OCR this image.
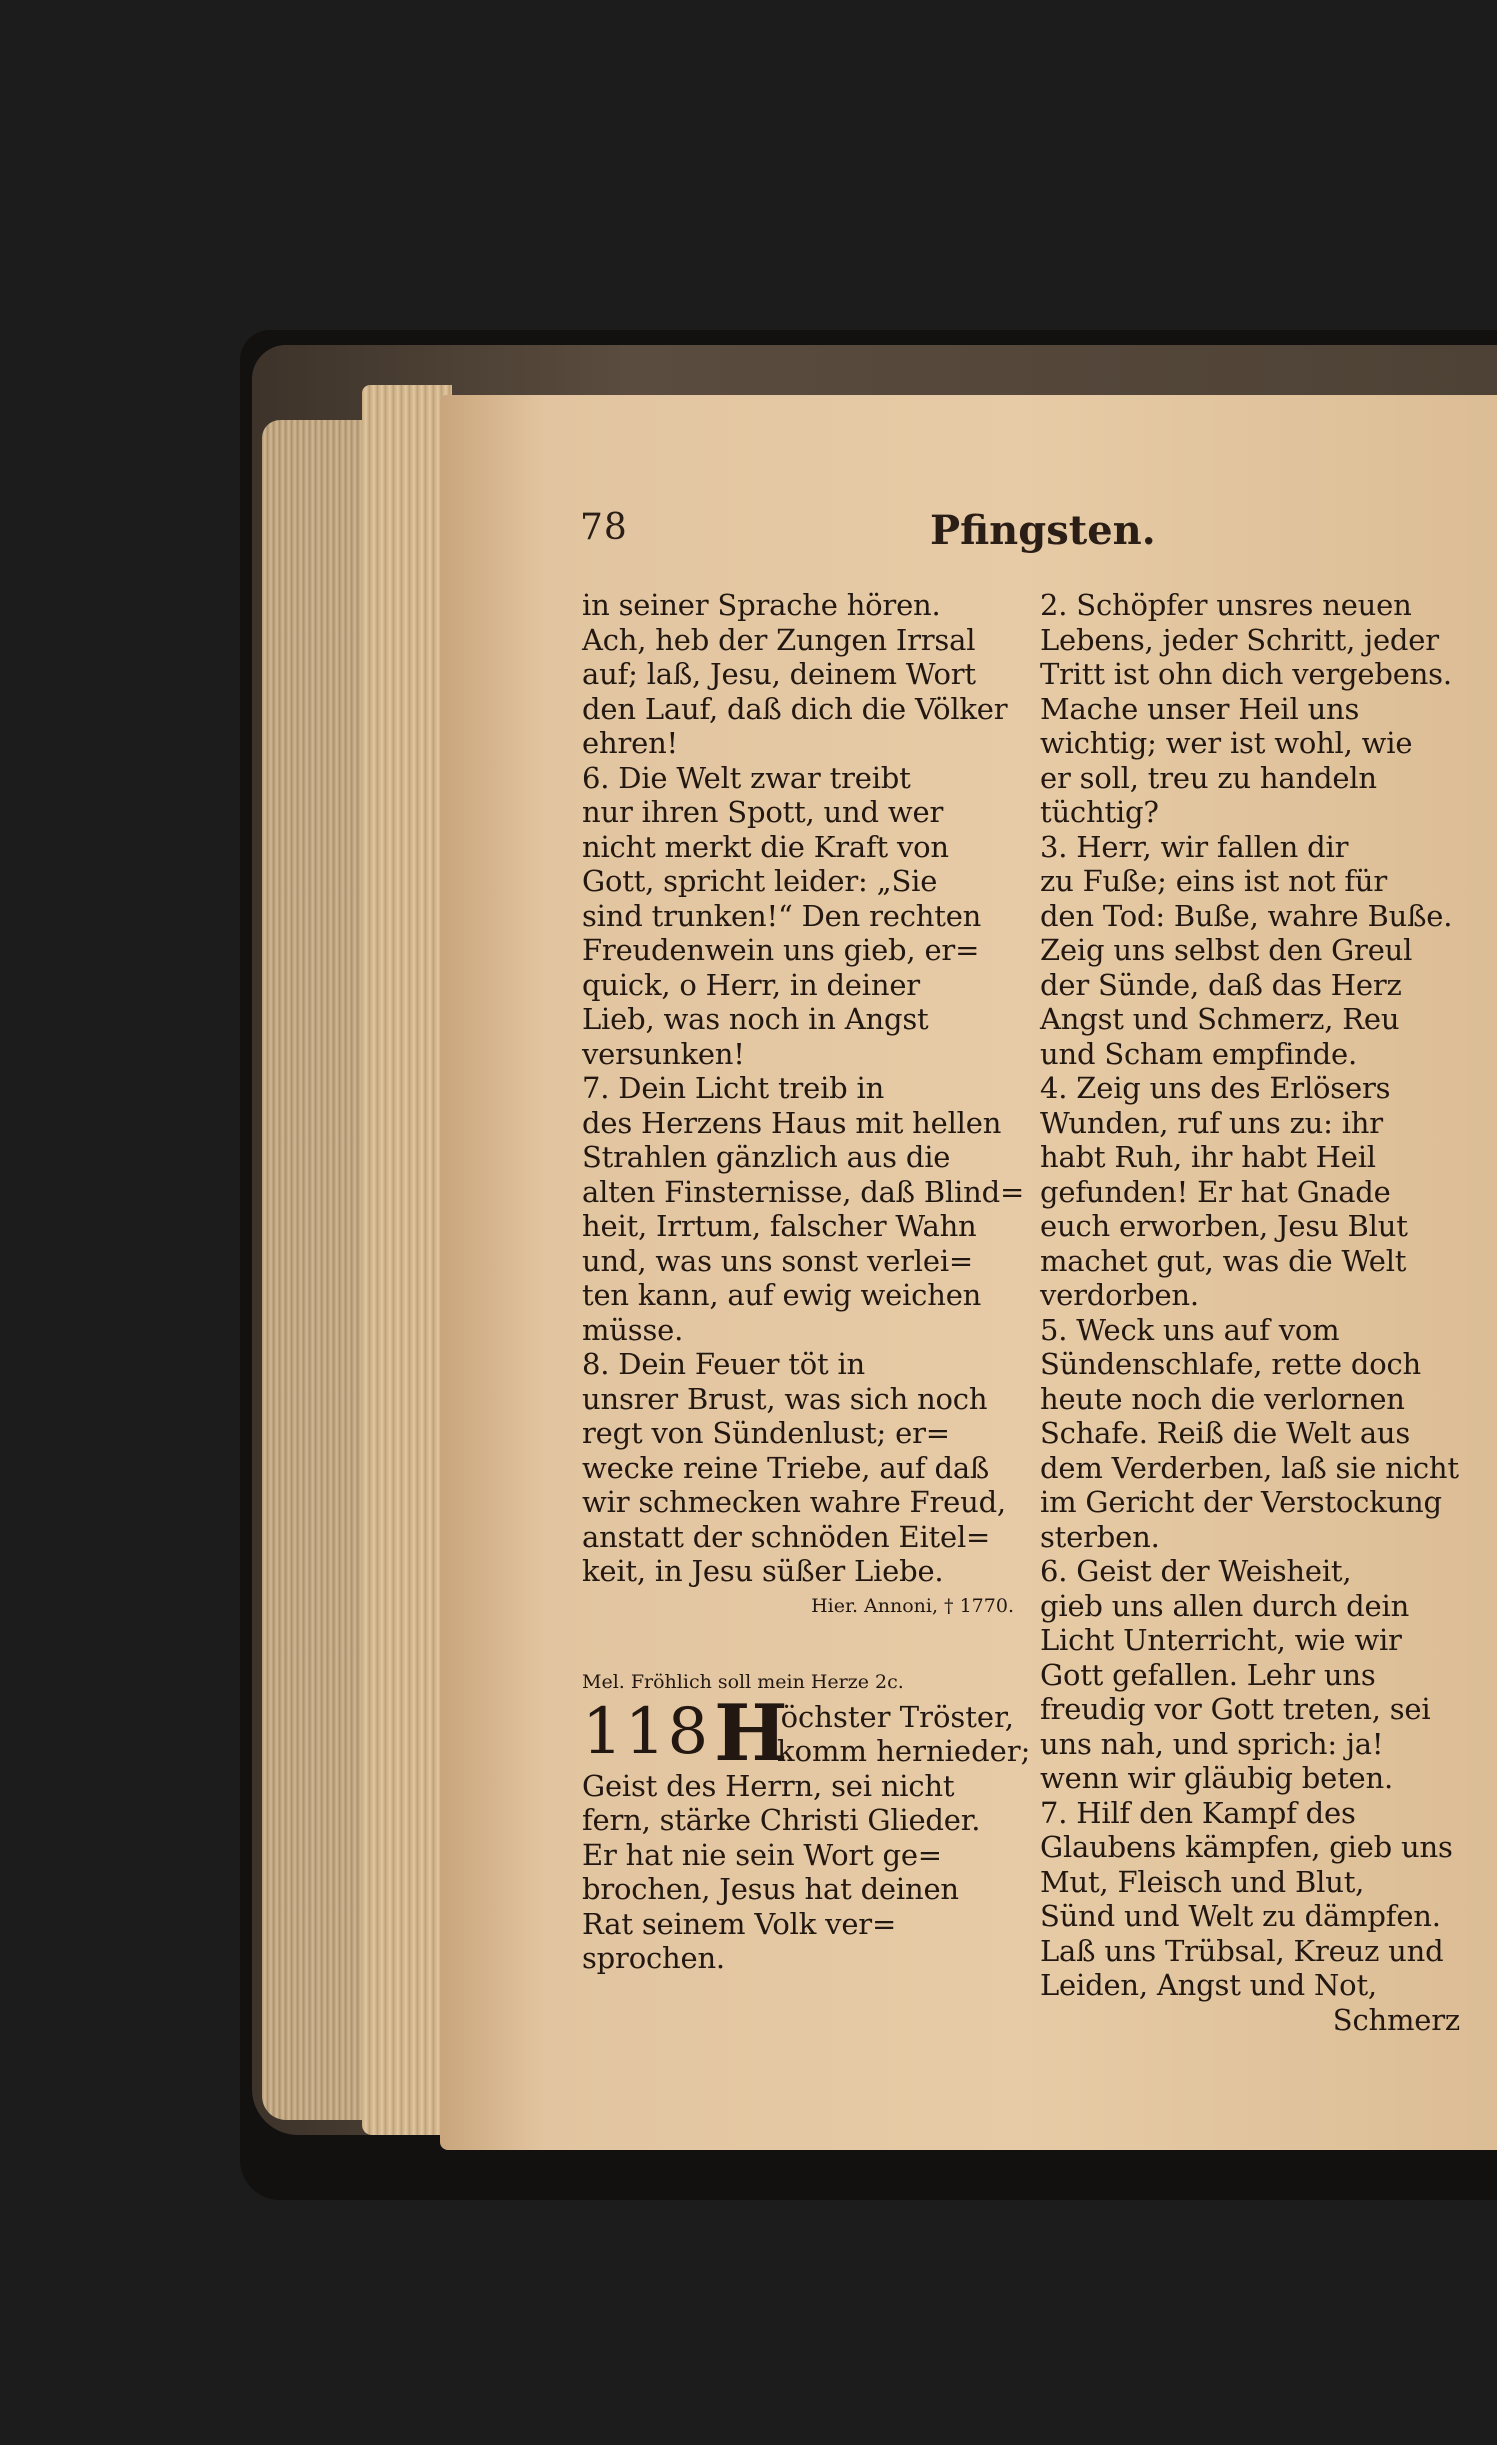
78	Pfingsten.
in seiner Sprache hören.
Ach, heb der Zungen Irrsal
auf; laß, Jesu, deinem Wort
den Lauf, daß dich die Völker
ehren!
6. Die Welt zwar treibt
nur ihren Spott, und wer
nicht merkt die Kraft von
Gott, spricht leider: „Sie
sind trunken!“ Den rechten
Freudenwein uns gieb, er=
quick, o Herr, in deiner
Lieb, was noch in Angst
versunken!
7. Dein Licht treib in
des Herzens Haus mit hellen
Strahlen gänzlich aus die
alten Finsternisse, daß Blind=
heit, Irrtum, falscher Wahn
und, was uns sonst verlei=
ten kann, auf ewig weichen
müsse.
8. Dein Feuer töt in
unsrer Brust, was sich noch
regt von Sündenlust; er=
wecke reine Triebe, auf daß
wir schmecken wahre Freud,
anstatt der schnöden Eitel=
keit, in Jesu süßer Liebe.
Hier. Annoni, † 1770.
Mel. Fröhlich soll mein Herze 2c.
118 H
öchster Tröster,
komm hernieder;
Geist des Herrn, sei nicht
fern, stärke Christi Glieder.
Er hat nie sein Wort ge=
brochen, Jesus hat deinen
Rat seinem Volk ver=
sprochen.
2. Schöpfer unsres neuen
Lebens, jeder Schritt, jeder
Tritt ist ohn dich vergebens.
Mache unser Heil uns
wichtig; wer ist wohl, wie
er soll, treu zu handeln
tüchtig?
3. Herr, wir fallen dir
zu Fuße; eins ist not für
den Tod: Buße, wahre Buße.
Zeig uns selbst den Greul
der Sünde, daß das Herz
Angst und Schmerz, Reu
und Scham empfinde.
4. Zeig uns des Erlösers
Wunden, ruf uns zu: ihr
habt Ruh, ihr habt Heil
gefunden! Er hat Gnade
euch erworben, Jesu Blut
machet gut, was die Welt
verdorben.
5. Weck uns auf vom
Sündenschlafe, rette doch
heute noch die verlornen
Schafe. Reiß die Welt aus
dem Verderben, laß sie nicht
im Gericht der Verstockung
sterben.
6. Geist der Weisheit,
gieb uns allen durch dein
Licht Unterricht, wie wir
Gott gefallen. Lehr uns
freudig vor Gott treten, sei
uns nah, und sprich: ja!
wenn wir gläubig beten.
7. Hilf den Kampf des
Glaubens kämpfen, gieb uns
Mut, Fleisch und Blut,
Sünd und Welt zu dämpfen.
Laß uns Trübsal, Kreuz und
Leiden, Angst und Not,
Schmerz
